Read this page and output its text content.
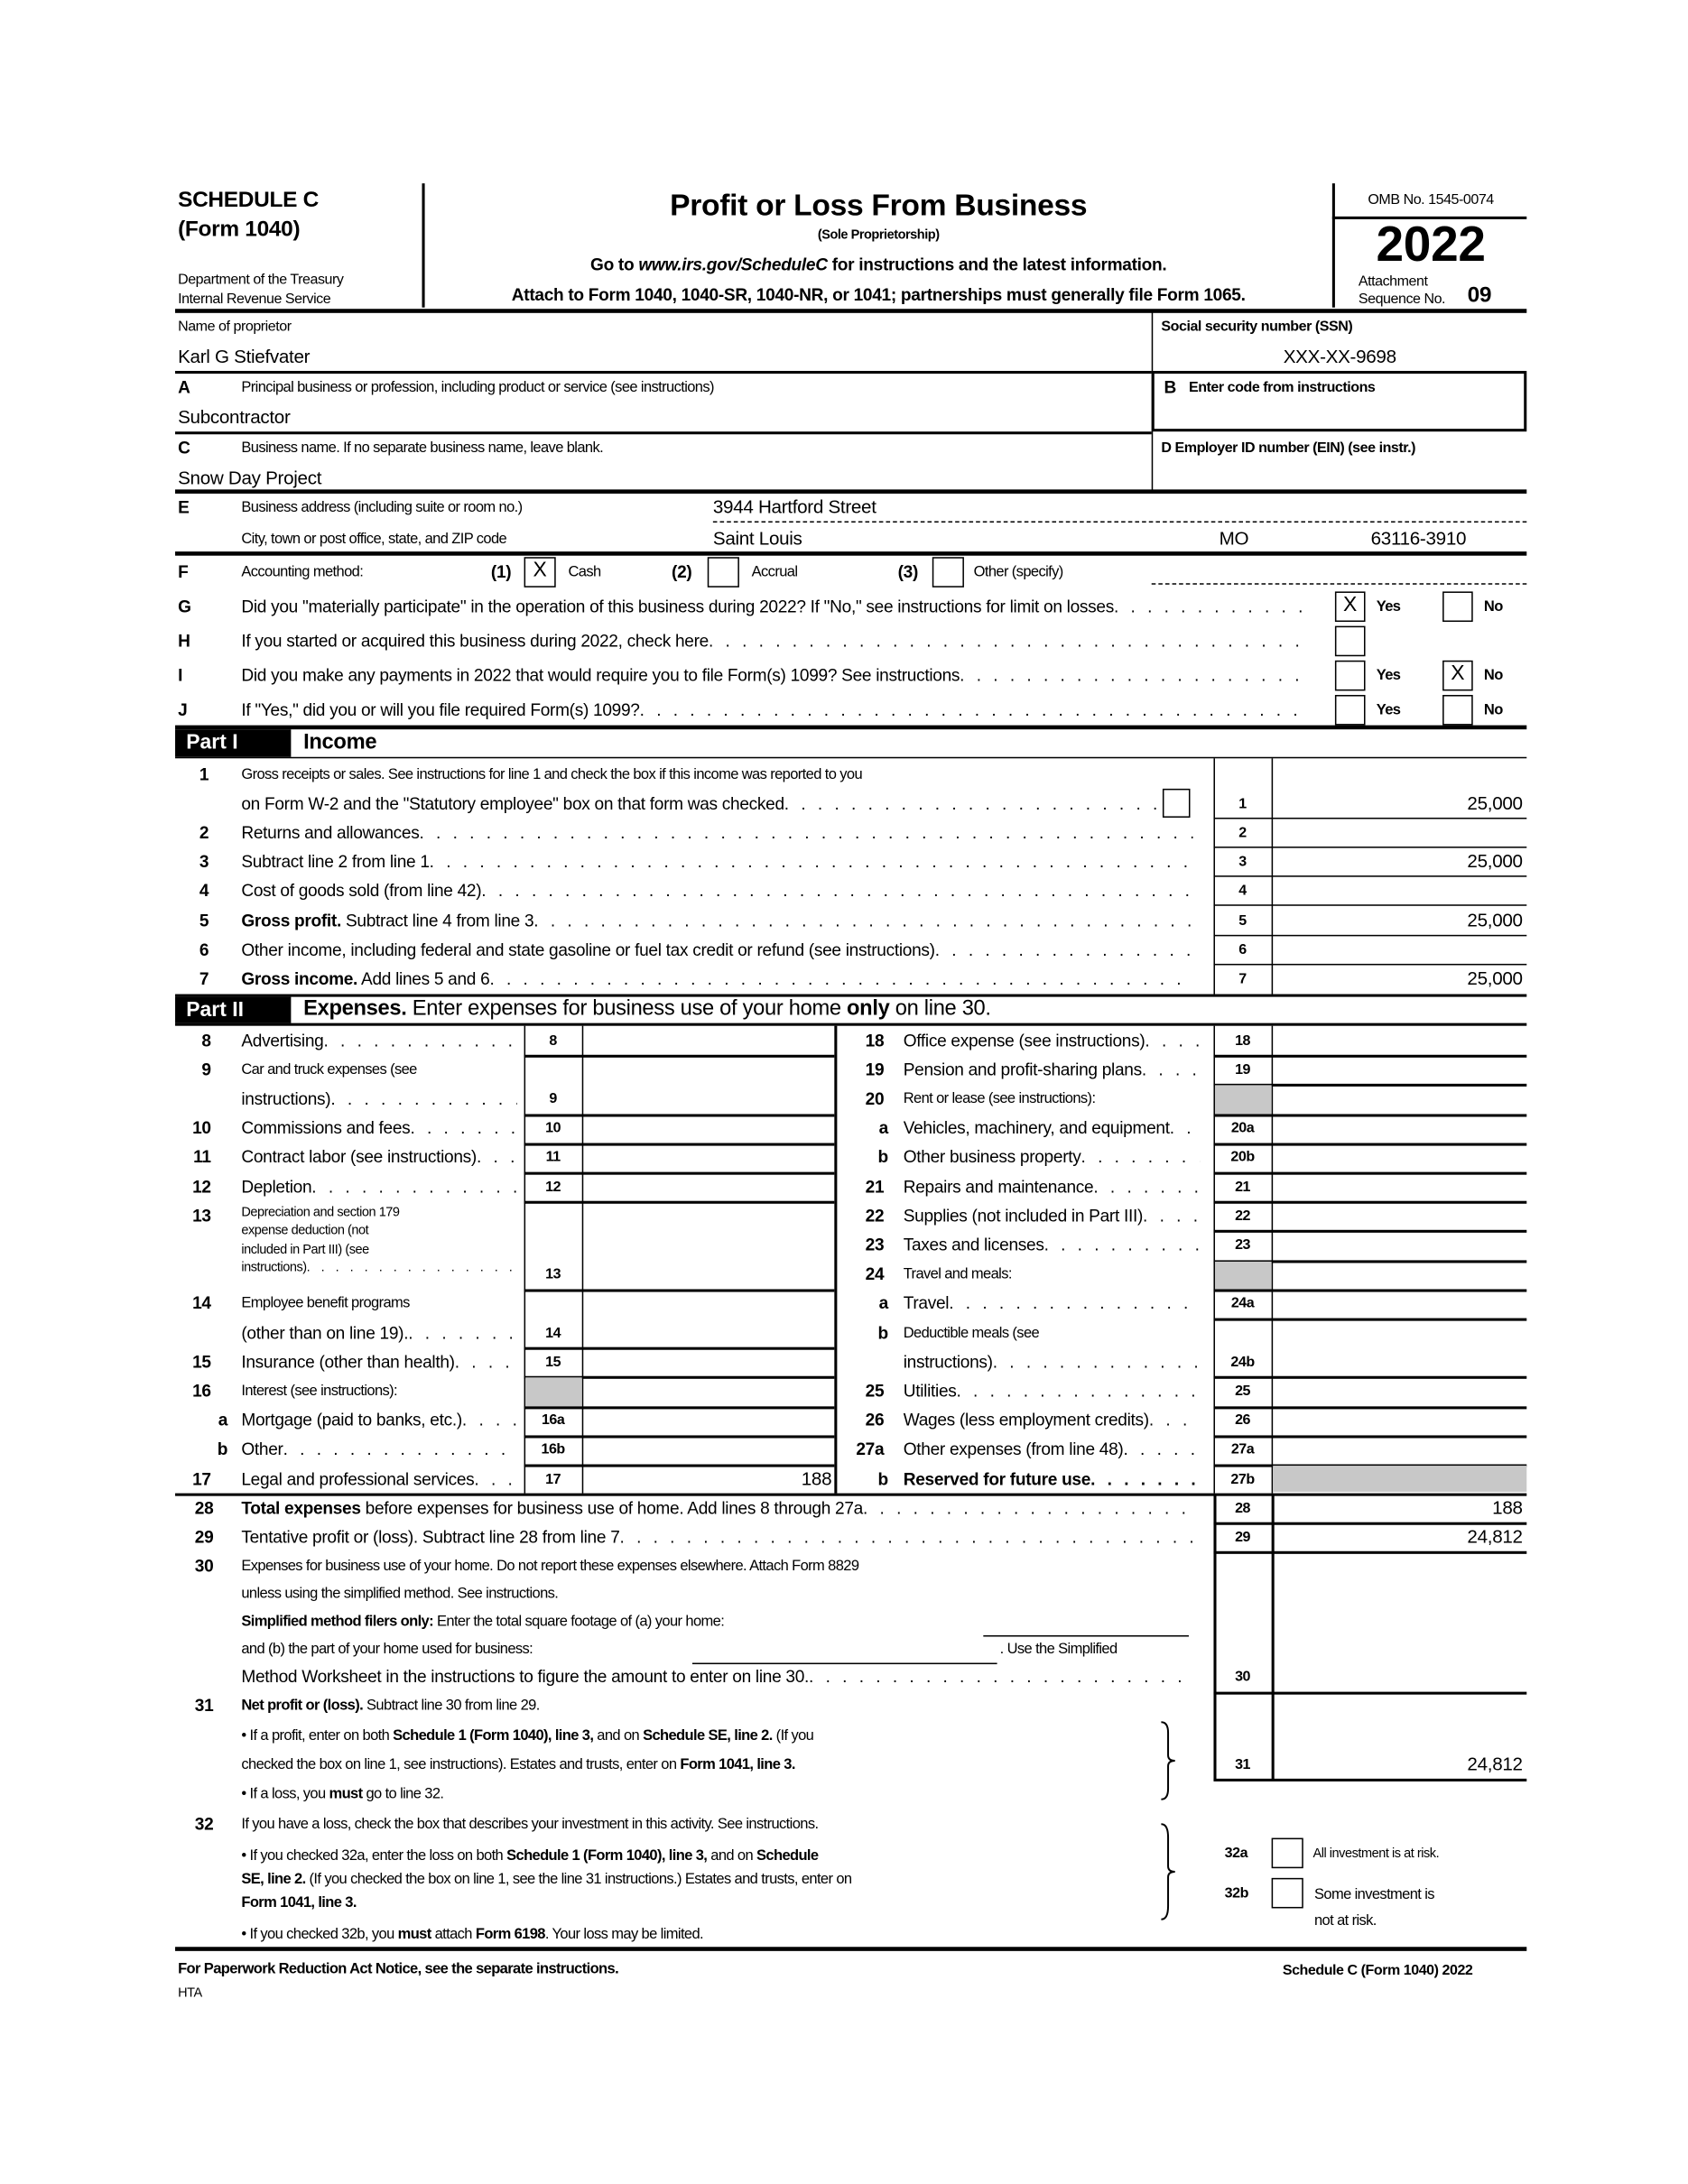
SCHEDULE C
(Form 1040)
Department of the Treasury
Internal Revenue Service
Profit or Loss From Business
(Sole Proprietorship)
Go to www.irs.gov/ScheduleC for instructions and the latest information.
Attach to Form 1040, 1040-SR, 1040-NR, or 1041; partnerships must generally file Form 1065.
OMB No. 1545-0074
2022
Attachment
Sequence No. 09
Name of proprietor
Karl G Stiefvater
Social security number (SSN)
XXX-XX-9698
A	Principal business or profession, including product or service (see instructions)
Subcontractor
B Enter code from instructions
C	Business name. If no separate business name, leave blank.
Snow Day Project
D Employer ID number (EIN) (see instr.)
E	Business address (including suite or room no.)	3944 Hartford Street
City, town or post office, state, and ZIP code	Saint Louis	MO	63116-3910
F	Accounting method:	(1)	X	Cash	(2)	Accrual	(3)	Other (specify)
G	Did you "materially participate" in the operation of this business during 2022? If "No," see instructions for limit on losses . . .	X	Yes	No
H	If you started or acquired this business during 2022, check here
. . .
I	Did you make any payments in 2022 that would require you to file Form(s) 1099? See instructions . . .	Yes	X	No
J	If "Yes," did you or will you file required Form(s) 1099? . . .	Yes	No
Part I	Income
1	Gross receipts or sales. See instructions for line 1 and check the box if this income was reported to you
on Form W-2 and the "Statutory employee" box on that form was checked . . .	1	25,000
2	Returns and allowances . . .	2
3	Subtract line 2 from line 1 . . .	3	25,000
4	Cost of goods sold (from line 42) . . .	4
5	Gross profit. Subtract line 4 from line 3 . . .	5	25,000
6	Other income, including federal and state gasoline or fuel tax credit or refund (see instructions) . . .	6
7	Gross income. Add lines 5 and 6 . . .	7	25,000
Part II	Expenses. Enter expenses for business use of your home only on line 30.
8	Advertising . . .	8
9	Car and truck expenses (see
instructions) . . .	9
10	Commissions and fees . . .	10
11	Contract labor (see instructions) . . .	11
12	Depletion . . .	12
13	Depreciation and section 179
expense deduction (not
included in Part III) (see
instructions) . . .	13
14	Employee benefit programs
(other than on line 19). . . .	14
15	Insurance (other than health) . . .	15
16	Interest (see instructions):
a Mortgage (paid to banks, etc.) . . .	16a
b Other . . .	16b
17	Legal and professional services . . .	17	188
18 Office expense (see instructions) . . .	18
19 Pension and profit-sharing plans . . .	19
20 Rent or lease (see instructions):
a Vehicles, machinery, and equipment . . .	20a
b Other business property . . .	20b
21 Repairs and maintenance . . .	21
22 Supplies (not included in Part III) . . .	22
23 Taxes and licenses . . .	23
24 Travel and meals:
a Travel . . .	24a
b Deductible meals (see
instructions) . . .	24b
25 Utilities . . .	25
26 Wages (less employment credits) . . .	26
27a Other expenses (from line 48) . . .	27a
b Reserved for future use . . .	27b
28	Total expenses before expenses for business use of home. Add lines 8 through 27a . . .	28	188
29	Tentative profit or (loss). Subtract line 28 from line 7 . . .	29	24,812
30	Expenses for business use of your home. Do not report these expenses elsewhere. Attach Form 8829
unless using the simplified method. See instructions.
Simplified method filers only: Enter the total square footage of (a) your home:
and (b) the part of your home used for business:	. Use the Simplified
Method Worksheet in the instructions to figure the amount to enter on line 30. . . .	30
31	Net profit or (loss). Subtract line 30 from line 29.
• If a profit, enter on both Schedule 1 (Form 1040), line 3, and on Schedule SE, line 2. (If you
checked the box on line 1, see instructions). Estates and trusts, enter on Form 1041, line 3.
• If a loss, you must go to line 32.
31	24,812
32	If you have a loss, check the box that describes your investment in this activity. See instructions.
• If you checked 32a, enter the loss on both Schedule 1 (Form 1040), line 3, and on Schedule
SE, line 2. (If you checked the box on line 1, see the line 31 instructions.) Estates and trusts, enter on
Form 1041, line 3.
• If you checked 32b, you must attach Form 6198. Your loss may be limited.
32a	All investment is at risk.
32b	Some investment is
not at risk.
For Paperwork Reduction Act Notice, see the separate instructions.
HTA
Schedule C (Form 1040) 2022
